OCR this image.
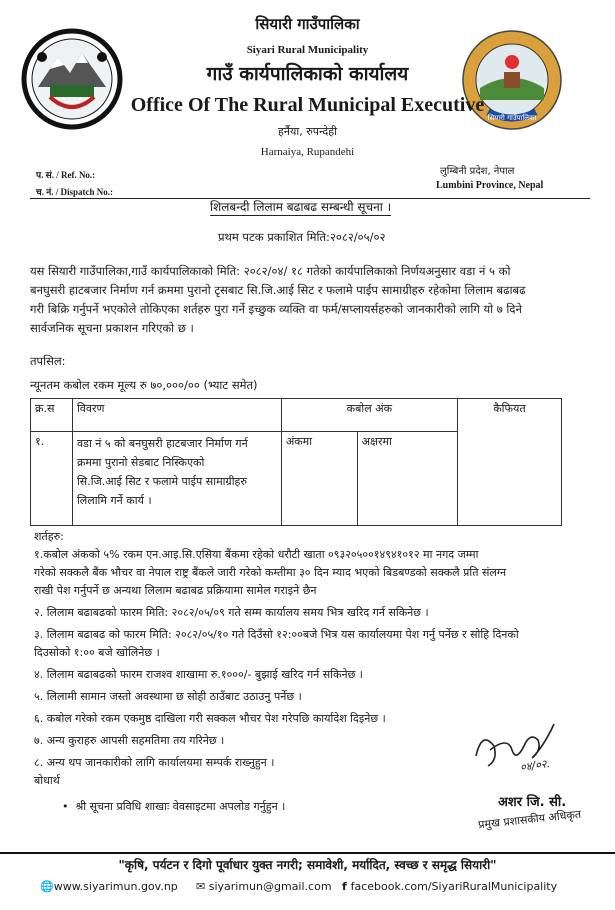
सियारी गाउँपालिका
सियारी गाउँपालिका
Siyari Rural Municipality
गाउँ कार्यपालिकाको कार्यालय
Office Of The Rural Municipal Executive
हर्नैया, रुपन्देही
Harnaiya, Rupandehi
प. सं. / Ref. No.:
च. नं. / Dispatch No.:
लुम्बिनी प्रदेश, नेपाल
Lumbini Province, Nepal
शिलबन्दी लिलाम बढाबढ सम्बन्धी सूचना ।
प्रथम पटक प्रकाशित मिति:२०८२/०५/०२
यस सियारी गाउँपालिका,गाउँ कार्यपालिकाको मिति: २०८२/०४/ १८ गतेको कार्यपालिकाको निर्णयअनुसार वडा नं ५ को
बनघुसरी हाटबजार निर्माण गर्न क्रममा पुरानो टृसबाट सि.जि.आई सिट र फलामे पाईप सामाग्रीहरु रहेकोमा लिलाम बढाबढ
गरी बिक्रि गर्नुपर्ने भएकोले तोकिएका शर्तहरु पुरा गर्ने इच्छुक व्यक्ति वा फर्म/सप्लायर्सहरुको जानकारीको लागि यो ७ दिने
सार्वजनिक सूचना प्रकाशन गरिएको छ ।
तपसिल:
न्यूनतम कबोल रकम मूल्य रु ७०,०००/०० (भ्याट समेत)
क्र.स	विवरण	कबोल अंक		कैफियत
१.	वडा नं ५ को बनघुसरी हाटबजार निर्माण गर्न
क्रममा पुरानो सेडबाट निस्किएको
सि.जि.आई सिट र फलामे पाईप सामाग्रीहरु
लिलामि गर्ने कार्य ।	अंकमा	अक्षरमा	
शर्तहरु:
१.कबोल अंकको ५% रकम एन.आइ.सि.एसिया बैंकमा रहेको धरौटी खाता ०९३२०५००१४९४१०१२ मा नगद जम्मा
गरेको सक्कलै बैंक भौचर वा नेपाल राष्ट्र बैंकले जारी गरेको कम्तीमा ३० दिन म्याद भएको बिडबण्डको सक्कलै प्रति संलग्न
राखी पेश गर्नुपर्ने छ अन्यथा लिलाम बढाबढ प्रक्रियामा सामेल गराइने छैन
२. लिलाम बढाबढको फारम मिति: २०८२/०५/०९ गते सम्म कार्यालय समय भित्र खरिद गर्न सकिनेछ ।
३. लिलाम बढाबढ को फारम मिति: २०८२/०५/१० गते दिउँसो १२:००बजे भित्र यस कार्यालयमा पेश गर्नु पर्नेछ र सोहि दिनको
दिउसोको १:०० बजे खोलिनेछ ।
४. लिलाम बढाबढको फारम राजश्व शाखामा रु.१०००/- बुझाई खरिद गर्न सकिनेछ ।
५. लिलामी सामान जस्तो अवस्थामा छ सोही ठाउँबाट उठाउनु पर्नेछ ।
६. कबोल गरेको रकम एकमुष्ठ दाखिला गरी सक्कल भौचर पेश गरेपछि कार्यादेश दिइनेछ ।
७. अन्य कुराहरु आपसी सहमतिमा तय गरिनेछ ।
८. अन्य थप जानकारीको लागि कार्यालयमा सम्पर्क राख्नुहुन ।
बोधार्थ
•  श्री सूचना प्रविधि शाखाः वेवसाइटमा अपलोड गर्नुहुन ।
०४/०२.
अशर जि. सी.
प्रमुख प्रशासकीय अधिकृत
"कृषि, पर्यटन र दिगो पूर्वाधार युक्त नगरी; समावेशी, मर्यादित, स्वच्छ र समृद्ध सियारी"
🌐www.siyarimun.gov.np ✉ siyarimun@gmail.com f facebook.com/SiyariRuralMunicipality
